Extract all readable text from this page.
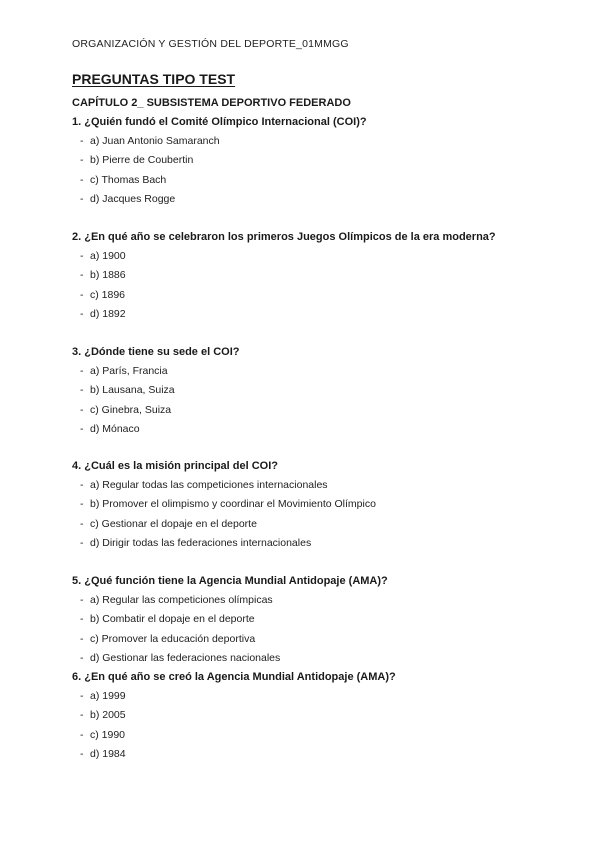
ORGANIZACIÓN Y GESTIÓN DEL DEPORTE_01MMGG
PREGUNTAS TIPO TEST
CAPÍTULO 2_ SUBSISTEMA DEPORTIVO FEDERADO
1. ¿Quién fundó el Comité Olímpico Internacional (COI)?
- a) Juan Antonio Samaranch
- b) Pierre de Coubertin
- c) Thomas Bach
- d) Jacques Rogge
2. ¿En qué año se celebraron los primeros Juegos Olímpicos de la era moderna?
- a) 1900
- b) 1886
- c) 1896
- d) 1892
3. ¿Dónde tiene su sede el COI?
- a) París, Francia
- b) Lausana, Suiza
- c) Ginebra, Suiza
- d) Mónaco
4. ¿Cuál es la misión principal del COI?
- a) Regular todas las competiciones internacionales
- b) Promover el olimpismo y coordinar el Movimiento Olímpico
- c) Gestionar el dopaje en el deporte
- d) Dirigir todas las federaciones internacionales
5. ¿Qué función tiene la Agencia Mundial Antidopaje (AMA)?
- a) Regular las competiciones olímpicas
- b) Combatir el dopaje en el deporte
- c) Promover la educación deportiva
- d) Gestionar las federaciones nacionales
6. ¿En qué año se creó la Agencia Mundial Antidopaje (AMA)?
- a) 1999
- b) 2005
- c) 1990
- d) 1984
